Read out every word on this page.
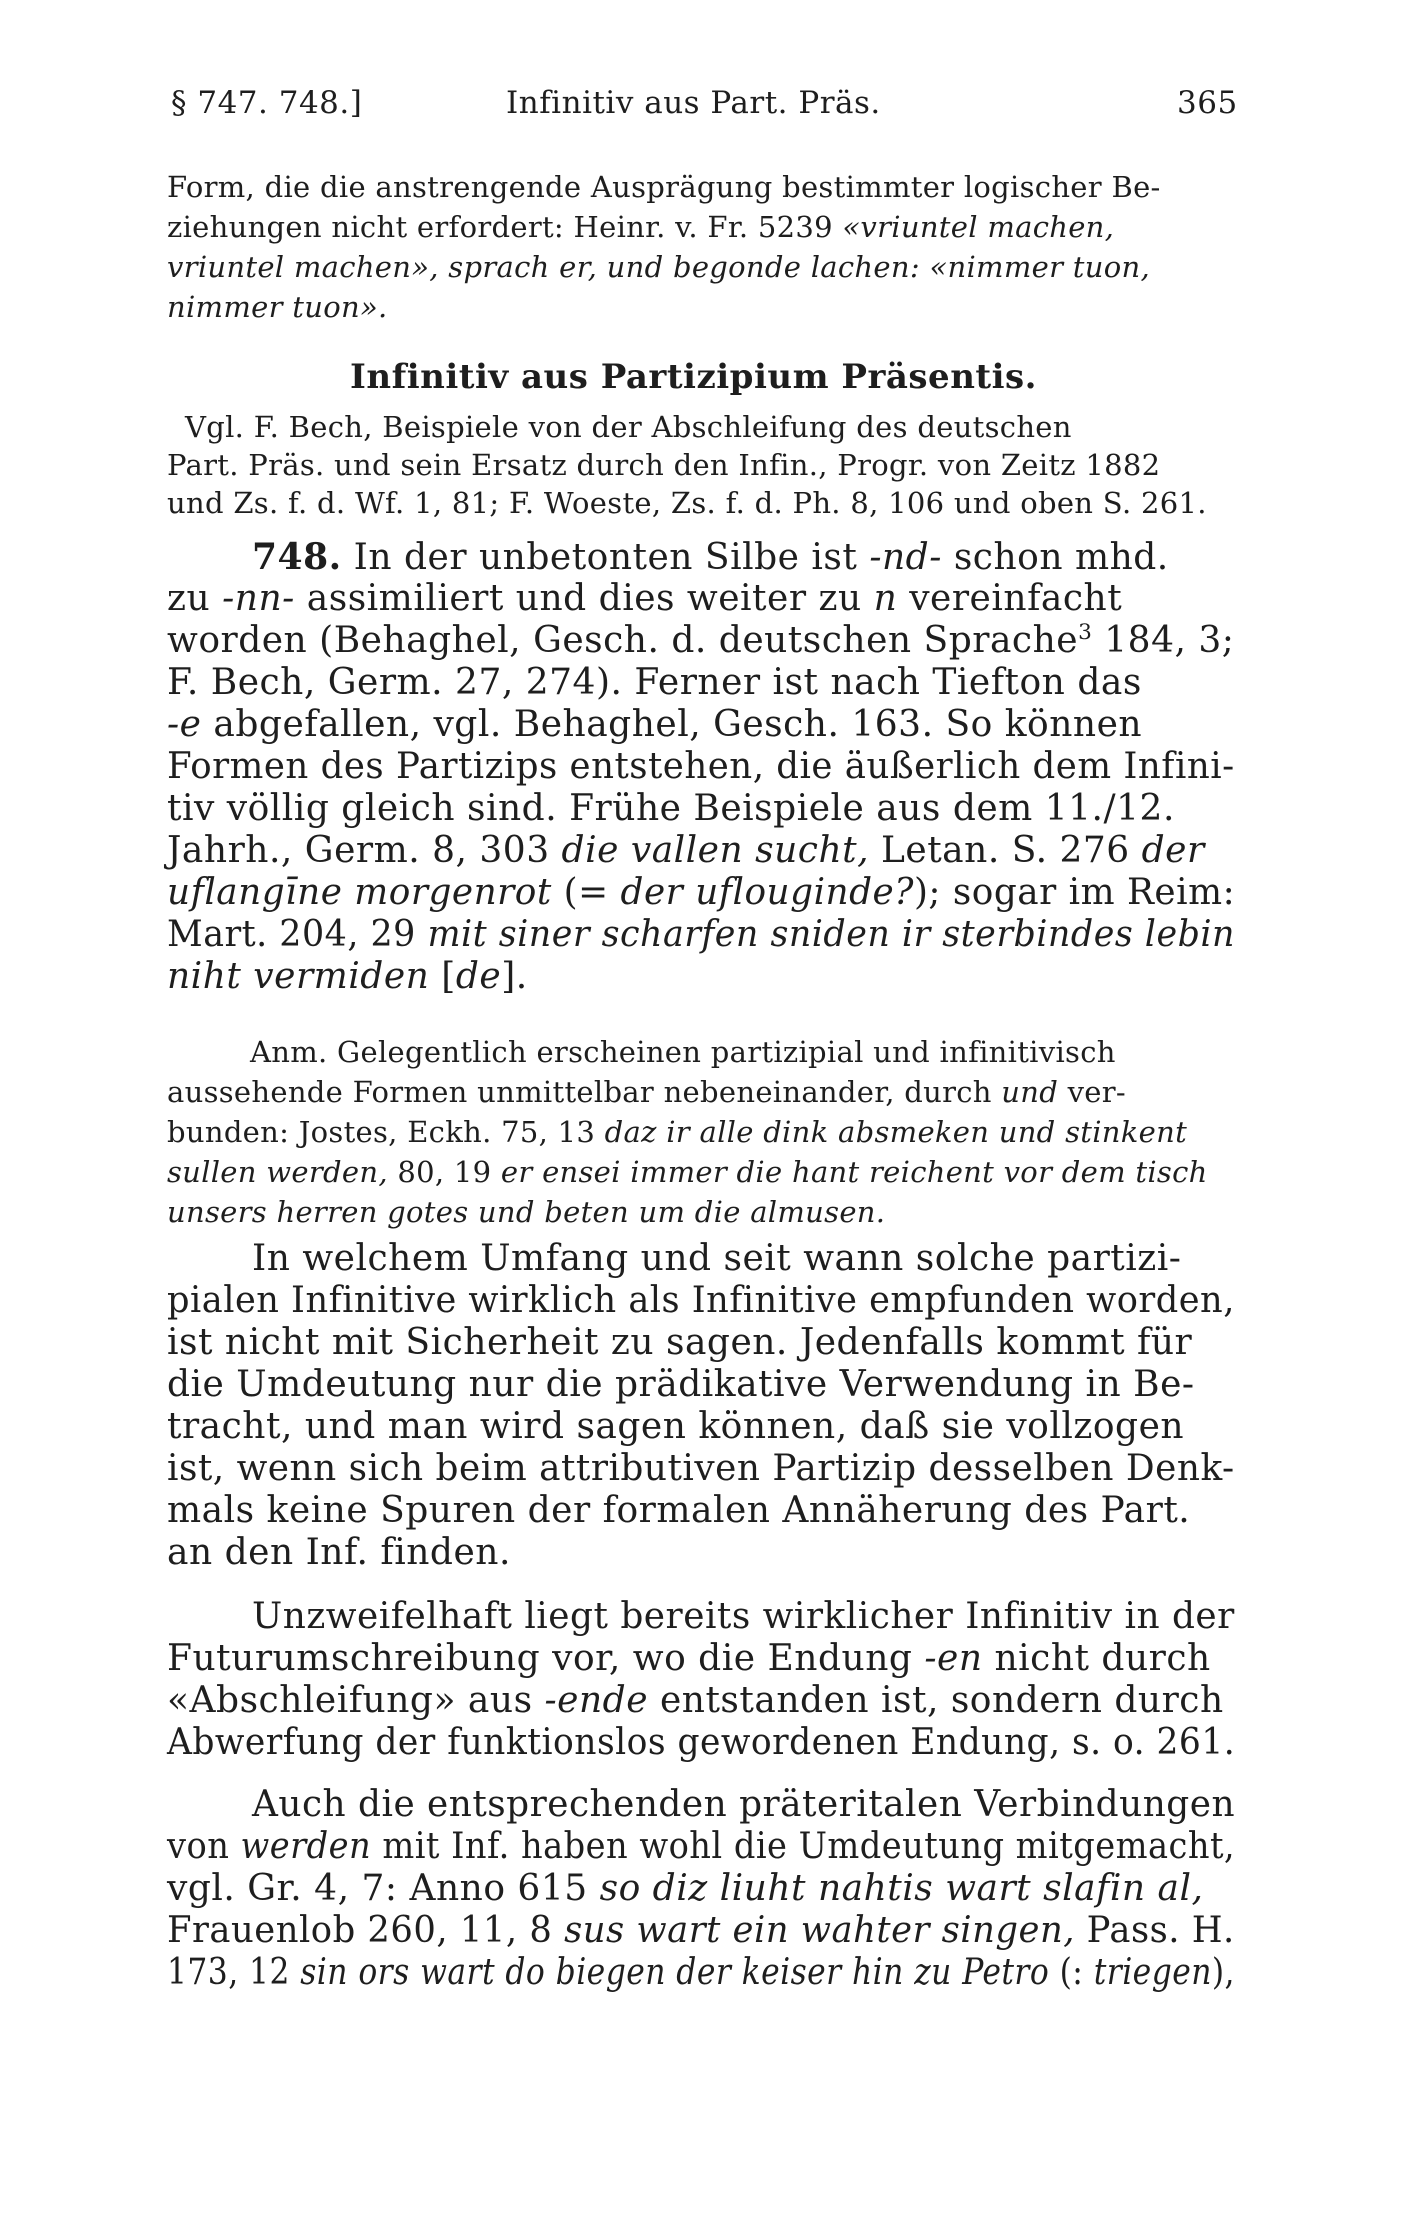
§ 747. 748.]	Infinitiv aus Part. Präs.	365
Form, die die anstrengende Ausprägung bestimmter logischer Be-
ziehungen nicht erfordert: Heinr. v. Fr. 5239 «vriuntel machen,
vriuntel machen», sprach er, und begonde lachen: «nimmer tuon,
nimmer tuon».
Infinitiv aus Partizipium Präsentis.
Vgl. F. Bech, Beispiele von der Abschleifung des deutschen
Part. Präs. und sein Ersatz durch den Infin., Progr. von Zeitz 1882
und Zs. f. d. Wf. 1, 81; F. Woeste, Zs. f. d. Ph. 8, 106 und oben S. 261.
748. In der unbetonten Silbe ist -nd- schon mhd.
zu -nn- assimiliert und dies weiter zu n vereinfacht
worden (Behaghel, Gesch. d. deutschen Sprache$^3$ 184, 3;
F. Bech, Germ. 27, 274). Ferner ist nach Tiefton das
-e abgefallen, vgl. Behaghel, Gesch. 163. So können
Formen des Partizips entstehen, die äußerlich dem Infini-
tiv völlig gleich sind. Frühe Beispiele aus dem 11./12.
Jahrh., Germ. 8, 303 die vallen sucht, Letan. S. 276 der
uflangīne morgenrot (= der uflouginde?); sogar im Reim:
Mart. 204, 29 mit siner scharfen sniden ir sterbindes lebin
niht vermiden [de].
Anm. Gelegentlich erscheinen partizipial und infinitivisch
aussehende Formen unmittelbar nebeneinander, durch und ver-
bunden: Jostes, Eckh. 75, 13 daz ir alle dink absmeken und stinkent
sullen werden, 80, 19 er ensei immer die hant reichent vor dem tisch
unsers herren gotes und beten um die almusen.
In welchem Umfang und seit wann solche partizi-
pialen Infinitive wirklich als Infinitive empfunden worden,
ist nicht mit Sicherheit zu sagen. Jedenfalls kommt für
die Umdeutung nur die prädikative Verwendung in Be-
tracht, und man wird sagen können, daß sie vollzogen
ist, wenn sich beim attributiven Partizip desselben Denk-
mals keine Spuren der formalen Annäherung des Part.
an den Inf. finden.
Unzweifelhaft liegt bereits wirklicher Infinitiv in der
Futurumschreibung vor, wo die Endung -en nicht durch
«Abschleifung» aus -ende entstanden ist, sondern durch
Abwerfung der funktionslos gewordenen Endung, s. o. 261.
Auch die entsprechenden präteritalen Verbindungen
von werden mit Inf. haben wohl die Umdeutung mitgemacht,
vgl. Gr. 4, 7: Anno 615 so diz liuht nahtis wart slafin al,
Frauenlob 260, 11, 8 sus wart ein wahter singen, Pass. H.
173, 12 sin ors wart do biegen der keiser hin zu Petro (: triegen),
